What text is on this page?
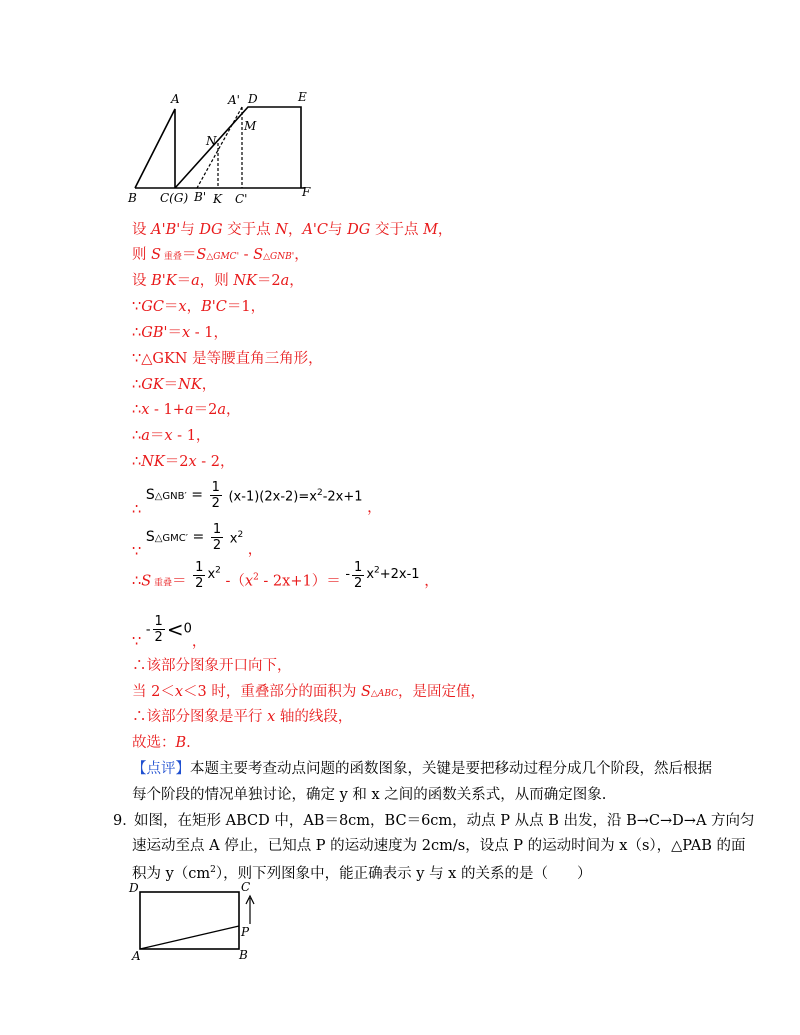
A	A' D	E
N
M
B C(G) B' K C'	F
设 A'B'与 DG 交于点 N，A'C与 DG 交于点 M，
则 S 重叠＝S△GMC' - S△GNB'，
设 B'K＝a，则 NK＝2a，
∵GC＝x，B'C＝1，
∴GB'＝x - 1，
∵△GKN 是等腰直角三角形，
∴GK＝NK，
∴x - 1+a＝2a，
∴a＝x - 1，
∴NK＝2x - 2，
∴ S△GNB′ = $\frac{1}{2} (x-1)(2x-2)=x^2-2x+1$ ，
∵ S△GMC′ = $\frac{1}{2} x^2$ ，
∴S 重叠＝ $\frac{1}{2} x^2$ $-(x^2 - 2x+1)= - \frac{1}{2} x^2+2x-1$ ，
∵ - $\frac{1}{2} <0$，
∴该部分图象开口向下，
当 2＜x＜3 时，重叠部分的面积为 S△ABC，是固定值，
∴该部分图象是平行 x 轴的线段，
故选：B.
【点评】本题主要考查动点问题的函数图象，关键是要把移动过程分成几个阶段，然后根据
每个阶段的情况单独讨论，确定 y 和 x 之间的函数关系式，从而确定图象.
9．
如图，在矩形 ABCD 中，AB＝8cm，BC＝6cm，动点 P 从点 B 出发，沿 B→C→D→A 方向匀
速运动至点 A 停止，已知点 P 的运动速度为 2cm/s，设点 P 的运动时间为 x（s），△PAB 的面
积为 $y(cm^2)$，则下列图象中，能正确表示 y 与 x 的关系的是（　　）
D	C
P
A	B
